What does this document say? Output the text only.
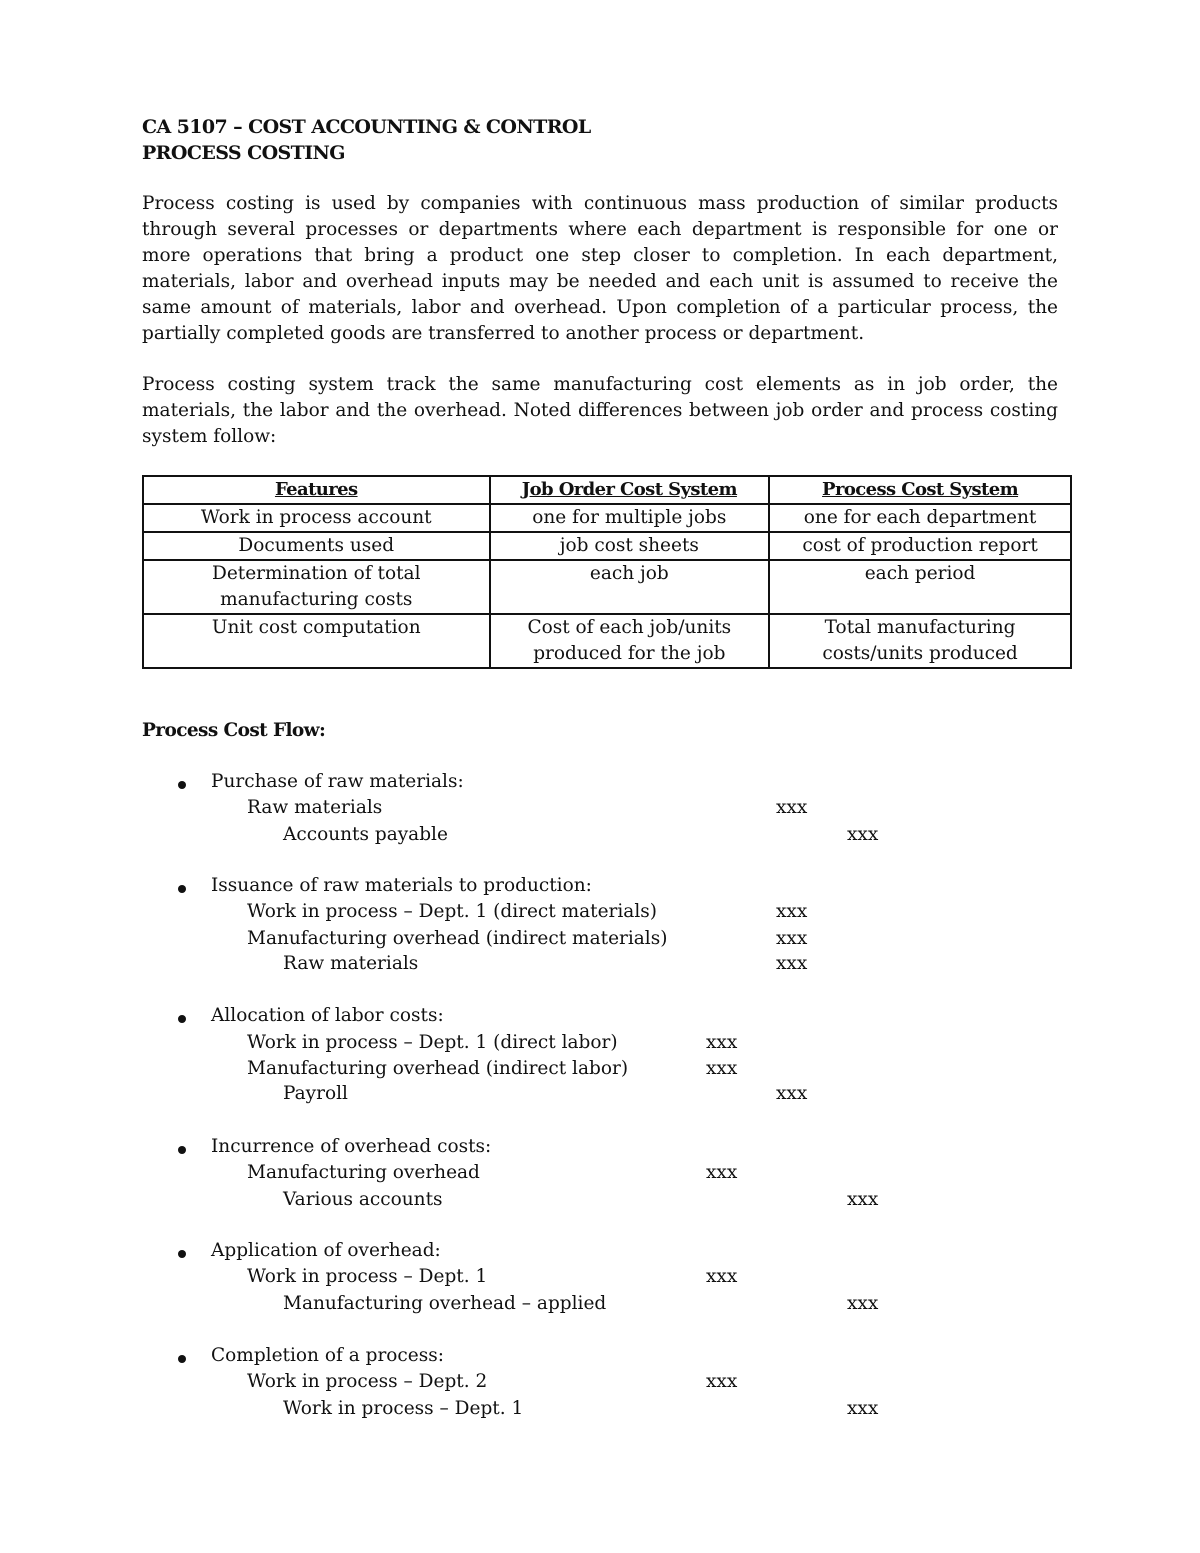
CA 5107 – COST ACCOUNTING & CONTROL
PROCESS COSTING

Process costing is used by companies with continuous mass production of similar products through several processes or departments where each department is responsible for one or more operations that bring a product one step closer to completion. In each department, materials, labor and overhead inputs may be needed and each unit is assumed to receive the same amount of materials, labor and overhead. Upon completion of a particular process, the partially completed goods are transferred to another process or department.

Process costing system track the same manufacturing cost elements as in job order, the materials, the labor and the overhead. Noted differences between job order and process costing system follow:

Features	Job Order Cost System	Process Cost System
Work in process account	one for multiple jobs	one for each department
Documents used	job cost sheets	cost of production report
Determination of total manufacturing costs	each job	each period
Unit cost computation	Cost of each job/units produced for the job	Total manufacturing costs/units produced
Process Cost Flow:
Purchase of raw materials:
Raw materials	xxx
Accounts payable	xxx
Issuance of raw materials to production:
Work in process – Dept. 1 (direct materials)	xxx
Manufacturing overhead (indirect materials)	xxx
Raw materials	xxx
Allocation of labor costs:
Work in process – Dept. 1 (direct labor)	xxx
Manufacturing overhead (indirect labor)	xxx
Payroll	xxx
Incurrence of overhead costs:
Manufacturing overhead	xxx
Various accounts	xxx
Application of overhead:
Work in process – Dept. 1	xxx
Manufacturing overhead – applied	xxx
Completion of a process:
Work in process – Dept. 2	xxx
Work in process – Dept. 1	xxx
